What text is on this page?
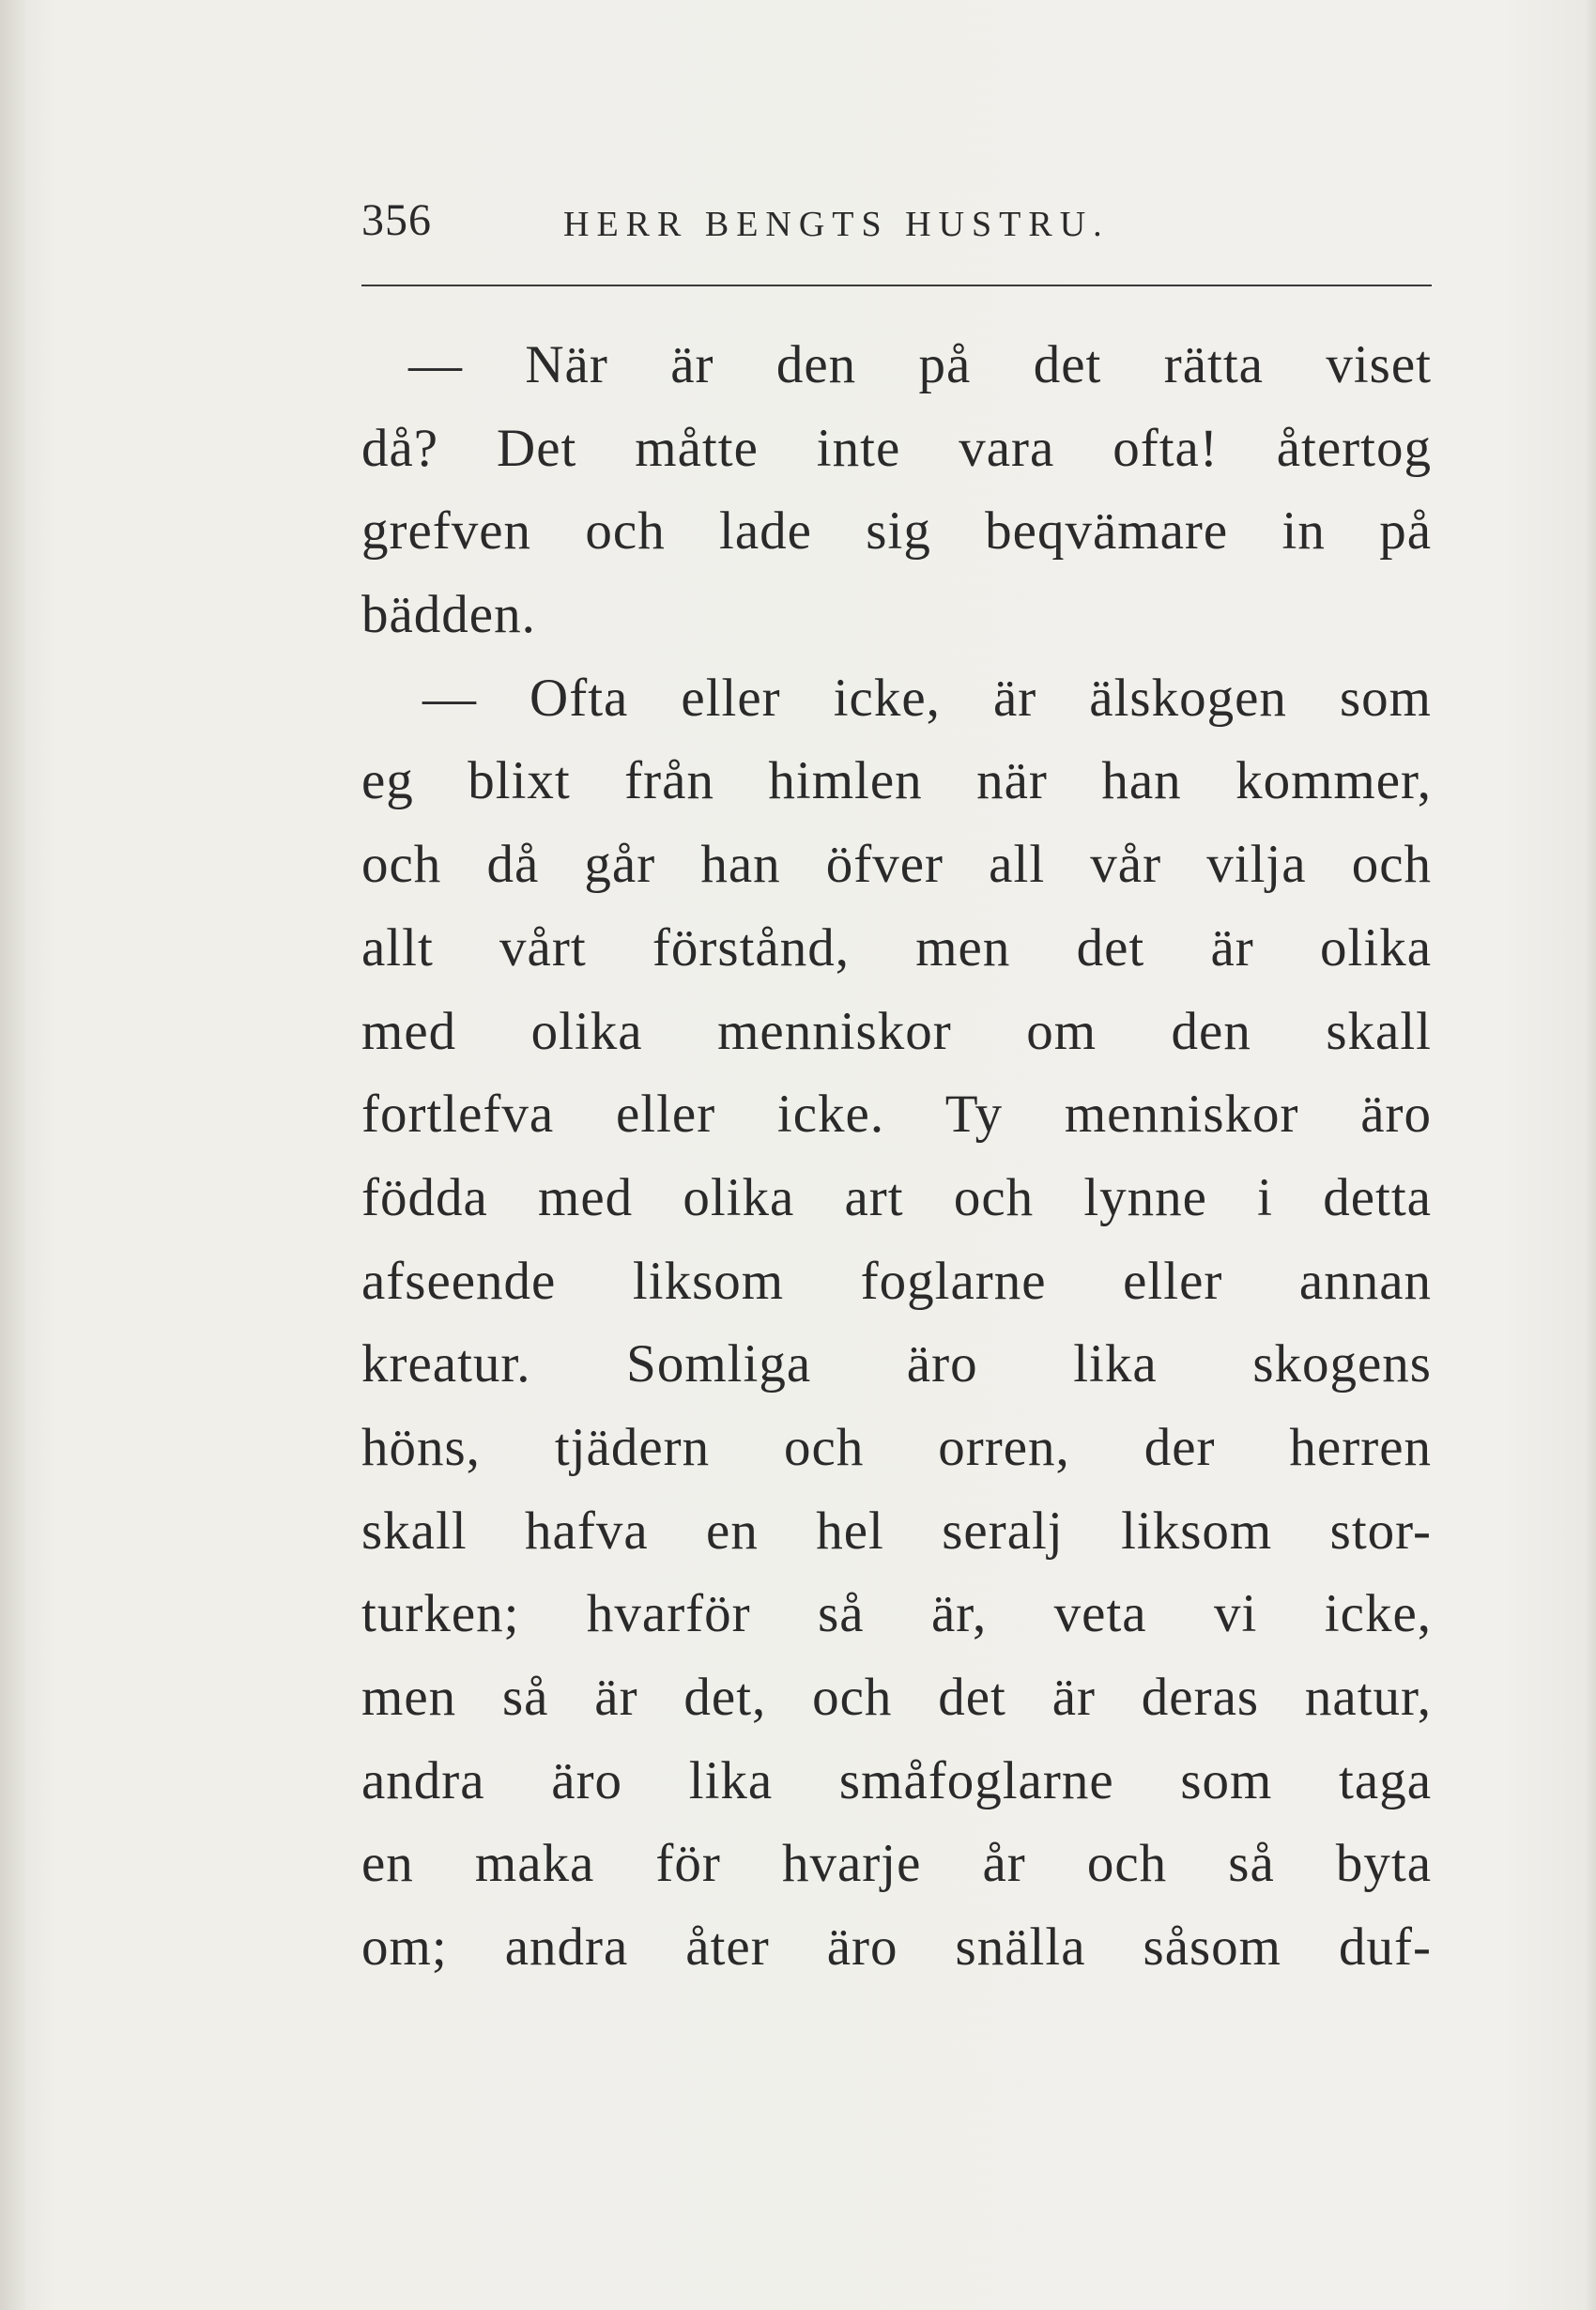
356	HERR BENGTS HUSTRU.
— När är den på det rätta viset
då? Det måtte inte vara ofta! återtog
grefven och lade sig beqvämare in på
bädden.
— Ofta eller icke, är älskogen som
eg blixt från himlen när han kommer,
och då går han öfver all vår vilja och
allt vårt förstånd, men det är olika
med olika menniskor om den skall
fortlefva eller icke. Ty menniskor äro
födda med olika art och lynne i detta
afseende liksom foglarne eller annan
kreatur. Somliga äro lika skogens
höns, tjädern och orren, der herren
skall hafva en hel seralj liksom stor-
turken; hvarför så är, veta vi icke,
men så är det, och det är deras natur,
andra äro lika småfoglarne som taga
en maka för hvarje år och så byta
om; andra åter äro snälla såsom duf-
